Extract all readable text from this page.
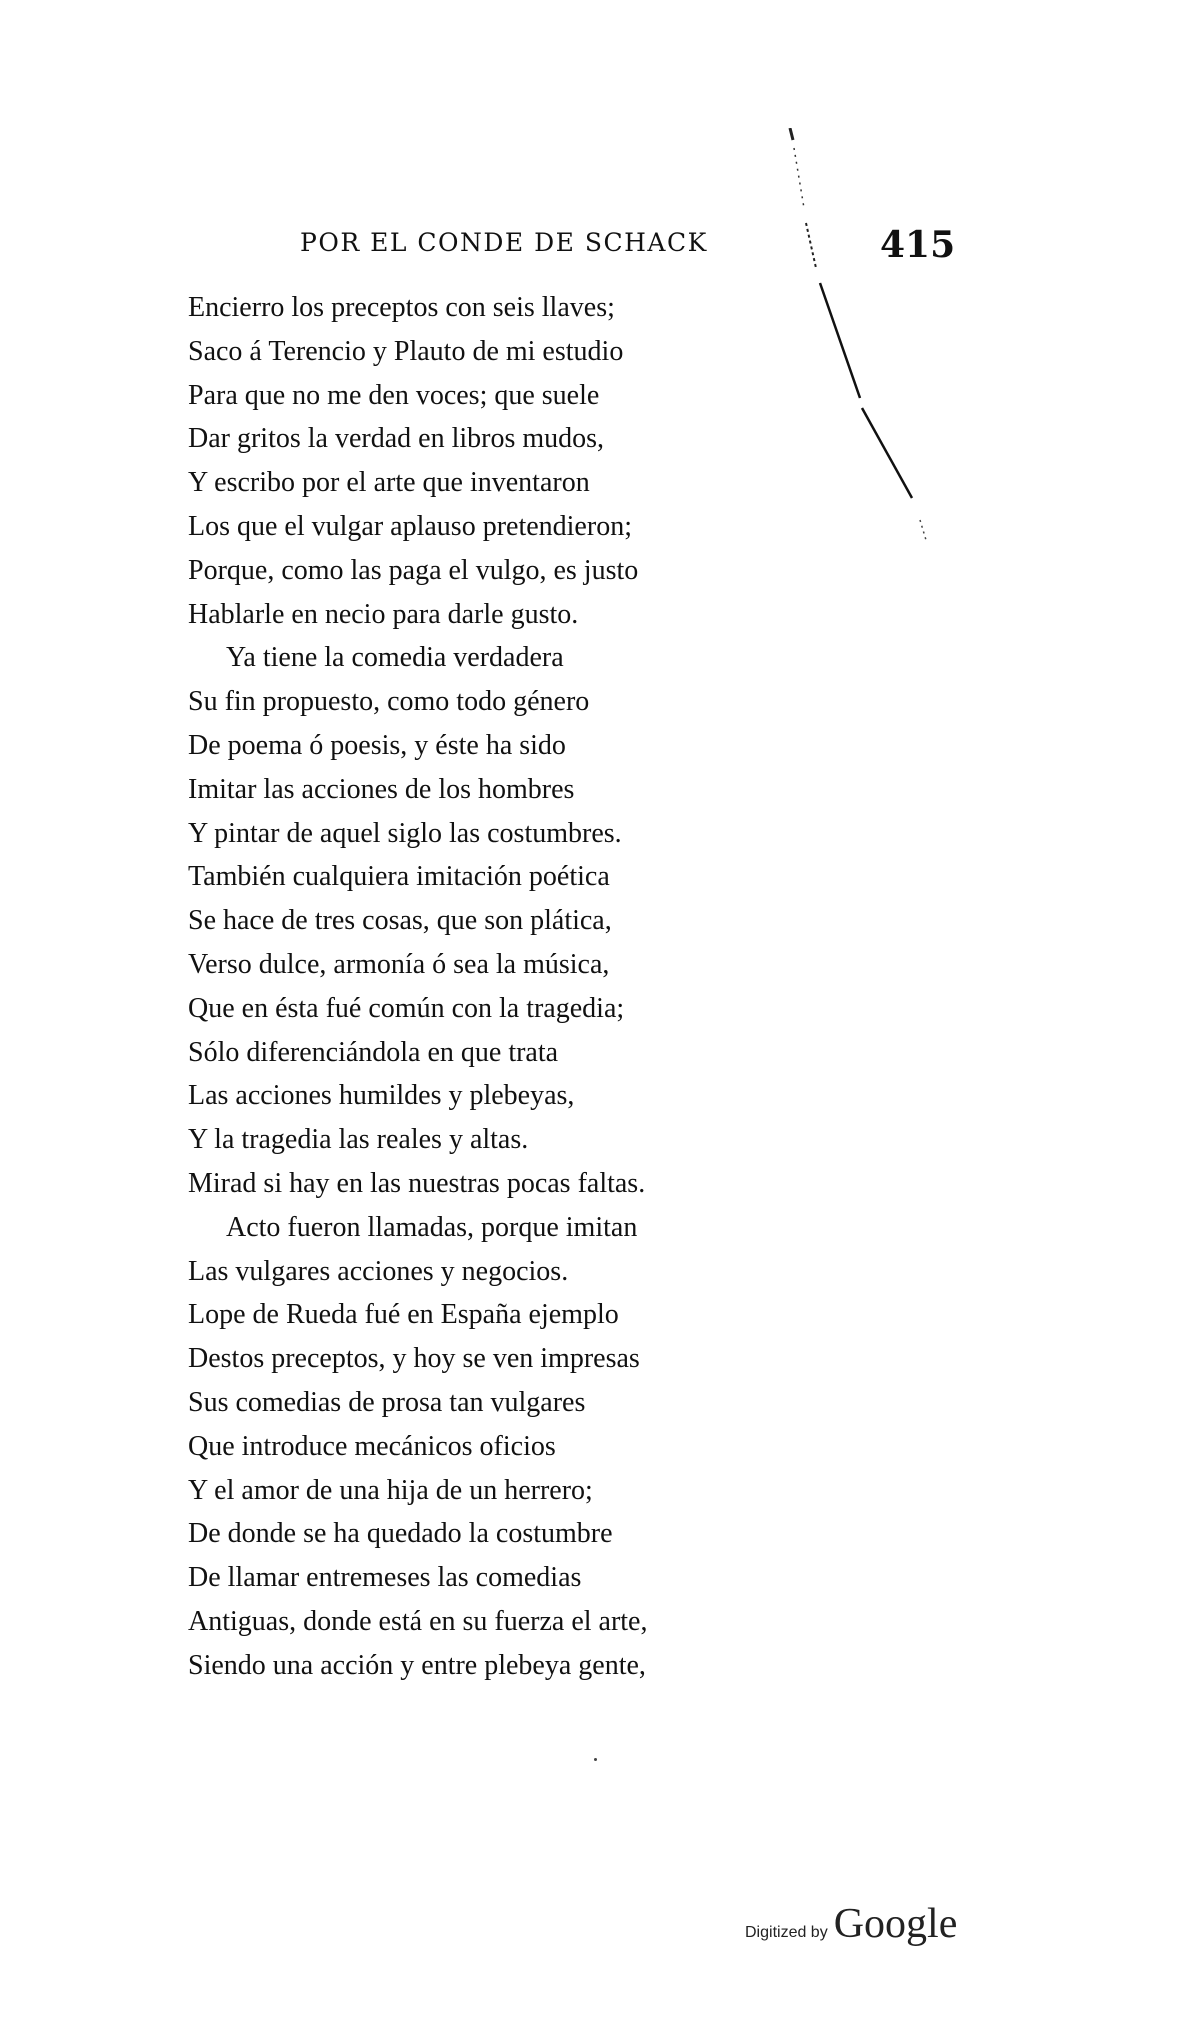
POR EL CONDE DE SCHACK	415
Encierro los preceptos con seis llaves;
Saco á Terencio y Plauto de mi estudio
Para que no me den voces; que suele
Dar gritos la verdad en libros mudos,
Y escribo por el arte que inventaron
Los que el vulgar aplauso pretendieron;
Porque, como las paga el vulgo, es justo
Hablarle en necio para darle gusto.
Ya tiene la comedia verdadera
Su fin propuesto, como todo género
De poema ó poesis, y éste ha sido
Imitar las acciones de los hombres
Y pintar de aquel siglo las costumbres.
También cualquiera imitación poética
Se hace de tres cosas, que son plática,
Verso dulce, armonía ó sea la música,
Que en ésta fué común con la tragedia;
Sólo diferenciándola en que trata
Las acciones humildes y plebeyas,
Y la tragedia las reales y altas.
Mirad si hay en las nuestras pocas faltas.
Acto fueron llamadas, porque imitan
Las vulgares acciones y negocios.
Lope de Rueda fué en España ejemplo
Destos preceptos, y hoy se ven impresas
Sus comedias de prosa tan vulgares
Que introduce mecánicos oficios
Y el amor de una hija de un herrero;
De donde se ha quedado la costumbre
De llamar entremeses las comedias
Antiguas, donde está en su fuerza el arte,
Siendo una acción y entre plebeya gente,
Digitized by Google
